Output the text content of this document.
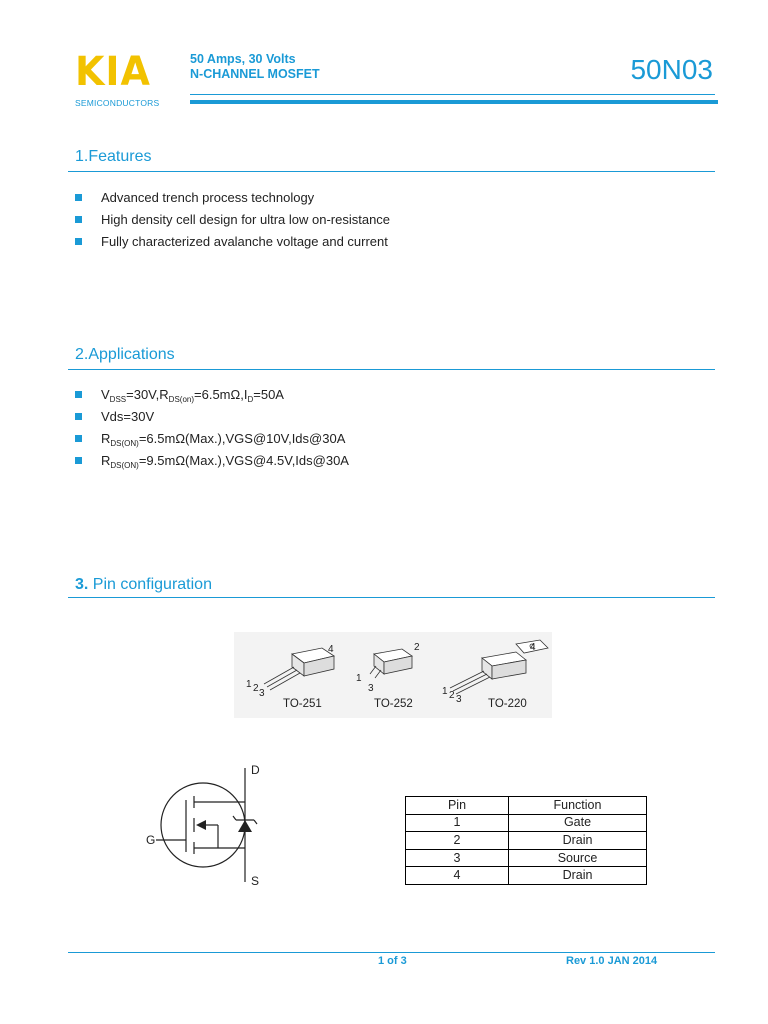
KIA
SEMICONDUCTORS
50 Amps, 30 Volts
N-CHANNEL MOSFET	50N03
1.Features
Advanced trench process technology
High density cell design for ultra low on-resistance
Fully characterized avalanche voltage and current
2.Applications
$V_{DSS}=30V,R_{DS(on)}=6.5m\Omega,I_D=50A$
Vds=30V
$R_{DS(ON)}=6.5m\Omega(Max.),VGS@10V,Ids@30A$
$R_{DS(ON)}=9.5m\Omega(Max.),VGS@4.5V,Ids@30A$
3. Pin configuration
1 2 3
4
1
3
2
1 2 3
4
TO-251	TO-252	TO-220
D
G
S
Pin	Function
1	Gate
2	Drain
3	Source
4	Drain
1 of 3	Rev 1.0 JAN 2014
